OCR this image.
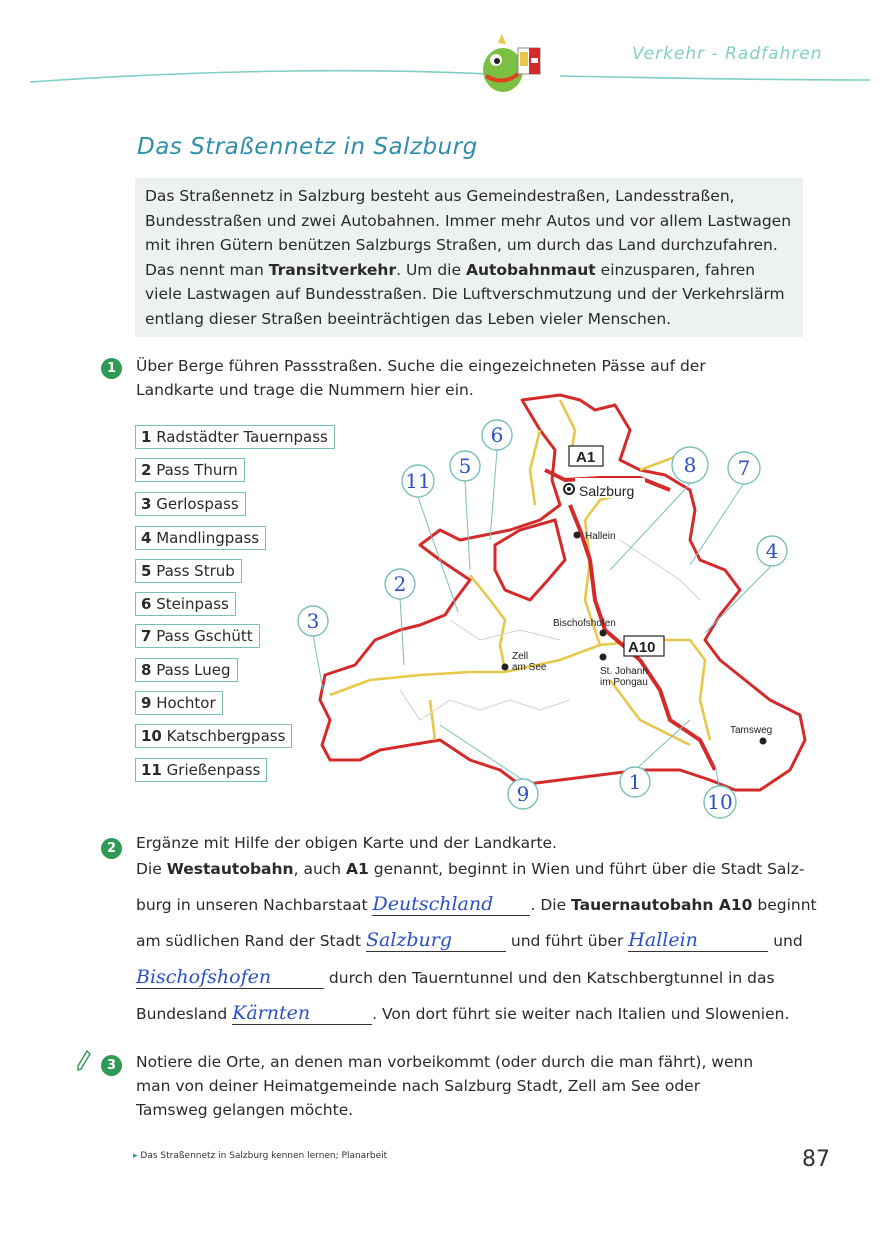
Verkehr - Radfahren
Das Straßennetz in Salzburg
Das Straßennetz in Salzburg besteht aus Gemeindestraßen, Landesstraßen, Bundesstraßen und zwei Autobahnen. Immer mehr Autos und vor allem Lastwagen mit ihren Gütern benützen Salzburgs Straßen, um durch das Land durchzufahren. Das nennt man Transitverkehr. Um die Autobahnmaut einzusparen, fahren viele Lastwagen auf Bundesstraßen. Die Luftverschmutzung und der Verkehrslärm entlang dieser Straßen beeinträchtigen das Leben vieler Menschen.
1	Über Berge führen Passstraßen. Suche die eingezeichneten Pässe auf der Landkarte und trage die Nummern hier ein.
Salzburg
Hallein
Bischofshofen
Zell
am See	St. Johann
im Pongau
Tamsweg
A1
A10
6
11
5	8 7
4
2
3
9	1
10
1 Radstädter Tauernpass
2 Pass Thurn
3 Gerlospass
4 Mandlingpass
5 Pass Strub
6 Steinpass
7 Pass Gschütt
8 Pass Lueg
9 Hochtor
10 Katschbergpass
11 Grießenpass
2	Ergänze mit Hilfe der obigen Karte und der Landkarte.
Die Westautobahn, auch A1 genannt, beginnt in Wien und führt über die Stadt Salz-
burg in unseren Nachbarstaat Deutschland . Die Tauernautobahn A10 beginnt
am südlichen Rand der Stadt Salzburg	und führt über Hallein	und
Bischofshofen	durch den Tauerntunnel und den Katschbergtunnel in das
Bundesland Kärnten	. Von dort führt sie weiter nach Italien und Slowenien.
3	Notiere die Orte, an denen man vorbeikommt (oder durch die man fährt), wenn man von deiner Heimatgemeinde nach Salzburg Stadt, Zell am See oder Tamsweg gelangen möchte.
▸ Das Straßennetz in Salzburg kennen lernen; Planarbeit	87
